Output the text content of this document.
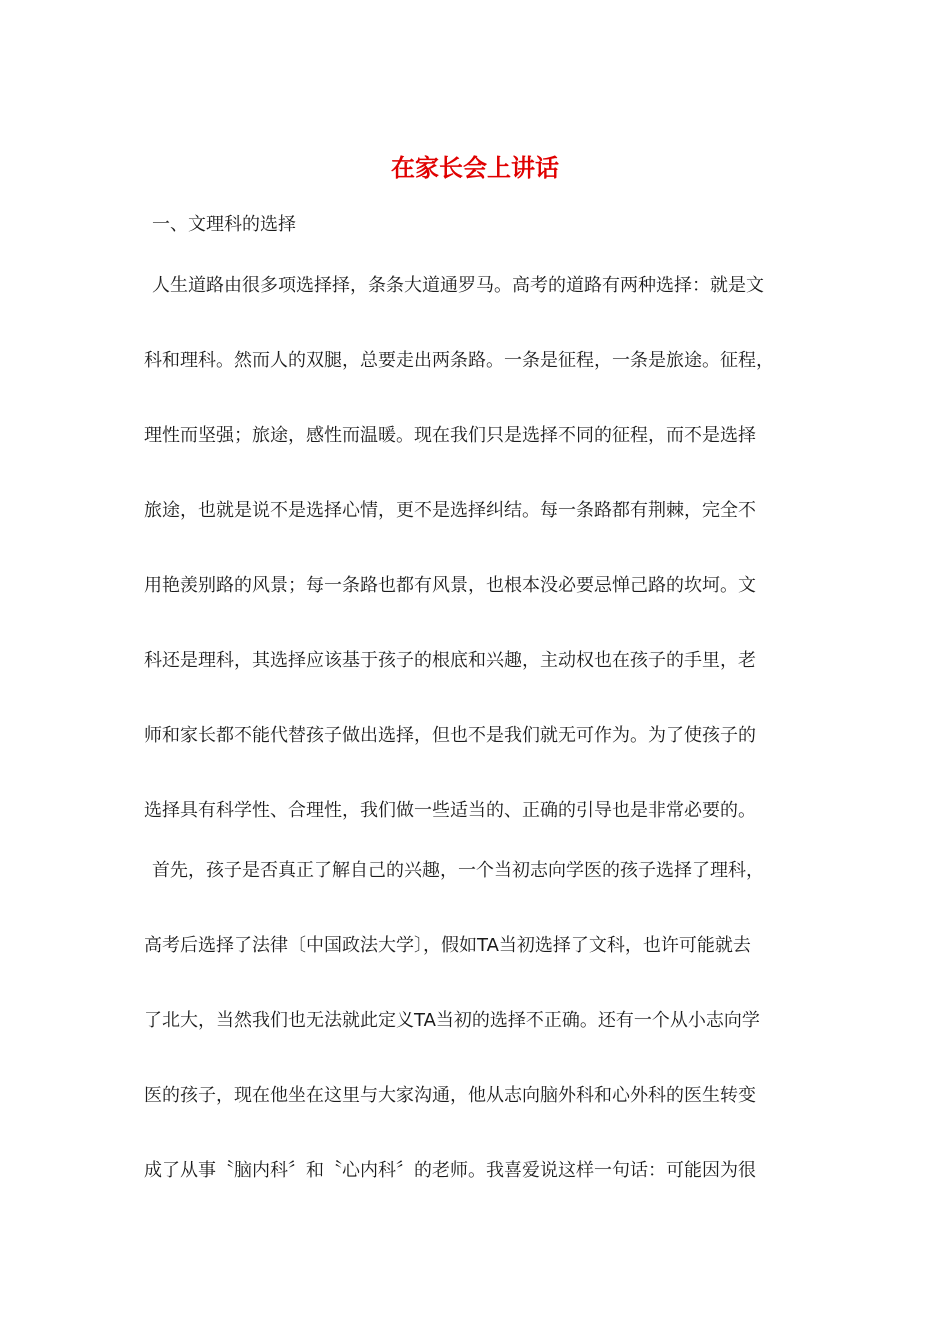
在家长会上讲话

一、文理科的选择

人生道路由很多项选择择，条条大道通罗马。高考的道路有两种选择：就是文

科和理科。然而人的双腿，总要走出两条路。一条是征程，一条是旅途。征程，

理性而坚强；旅途，感性而温暖。现在我们只是选择不同的征程，而不是选择

旅途，也就是说不是选择心情，更不是选择纠结。每一条路都有荆棘，完全不

用艳羡别路的风景；每一条路也都有风景，也根本没必要忌惮己路的坎坷。文

科还是理科，其选择应该基于孩子的根底和兴趣，主动权也在孩子的手里，老

师和家长都不能代替孩子做出选择，但也不是我们就无可作为。为了使孩子的

选择具有科学性、合理性，我们做一些适当的、正确的引导也是非常必要的。

首先，孩子是否真正了解自己的兴趣，一个当初志向学医的孩子选择了理科，

高考后选择了法律〔中国政法大学〕，假如TA当初选择了文科，也许可能就去

了北大，当然我们也无法就此定义TA当初的选择不正确。还有一个从小志向学

医的孩子，现在他坐在这里与大家沟通，他从志向脑外科和心外科的医生转变

成了从事〝脑内科〞和〝心内科〞的老师。我喜爱说这样一句话：可能因为很
